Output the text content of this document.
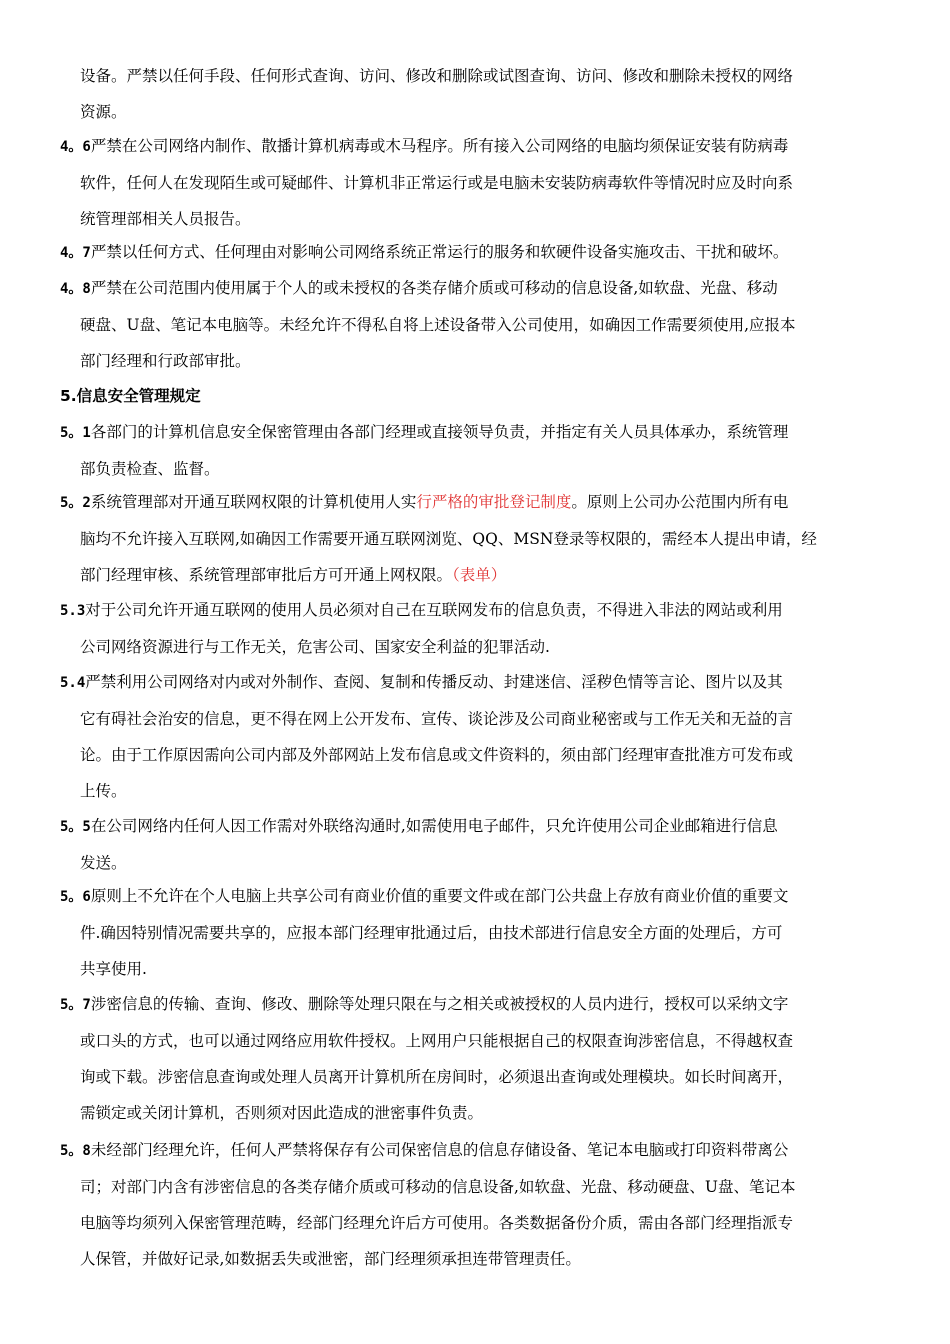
设备。严禁以任何手段、任何形式查询、访问、修改和删除或试图查询、访问、修改和删除未授权的网络
资源。
4。6严禁在公司网络内制作、散播计算机病毒或木马程序。所有接入公司网络的电脑均须保证安装有防病毒
软件，任何人在发现陌生或可疑邮件、计算机非正常运行或是电脑未安装防病毒软件等情况时应及时向系
统管理部相关人员报告。
4。7严禁以任何方式、任何理由对影响公司网络系统正常运行的服务和软硬件设备实施攻击、干扰和破坏。
4。8严禁在公司范围内使用属于个人的或未授权的各类存储介质或可移动的信息设备,如软盘、光盘、移动
硬盘、U盘、笔记本电脑等。未经允许不得私自将上述设备带入公司使用，如确因工作需要须使用,应报本
部门经理和行政部审批。
5.信息安全管理规定
5。1各部门的计算机信息安全保密管理由各部门经理或直接领导负责，并指定有关人员具体承办，系统管理
部负责检查、监督。
5。2系统管理部对开通互联网权限的计算机使用人实行严格的审批登记制度。原则上公司办公范围内所有电
脑均不允许接入互联网,如确因工作需要开通互联网浏览、QQ、MSN登录等权限的，需经本人提出申请，经
部门经理审核、系统管理部审批后方可开通上网权限。（表单）
5.3对于公司允许开通互联网的使用人员必须对自己在互联网发布的信息负责，不得进入非法的网站或利用
公司网络资源进行与工作无关，危害公司、国家安全利益的犯罪活动.
5.4严禁利用公司网络对内或对外制作、查阅、复制和传播反动、封建迷信、淫秽色情等言论、图片以及其
它有碍社会治安的信息，更不得在网上公开发布、宣传、谈论涉及公司商业秘密或与工作无关和无益的言
论。由于工作原因需向公司内部及外部网站上发布信息或文件资料的，须由部门经理审查批准方可发布或
上传。
5。5在公司网络内任何人因工作需对外联络沟通时,如需使用电子邮件，只允许使用公司企业邮箱进行信息
发送。
5。6原则上不允许在个人电脑上共享公司有商业价值的重要文件或在部门公共盘上存放有商业价值的重要文
件.确因特别情况需要共享的，应报本部门经理审批通过后，由技术部进行信息安全方面的处理后，方可
共享使用.
5。7涉密信息的传输、查询、修改、删除等处理只限在与之相关或被授权的人员内进行，授权可以采纳文字
或口头的方式，也可以通过网络应用软件授权。上网用户只能根据自己的权限查询涉密信息，不得越权查
询或下载。涉密信息查询或处理人员离开计算机所在房间时，必须退出查询或处理模块。如长时间离开，
需锁定或关闭计算机，否则须对因此造成的泄密事件负责。
5。8未经部门经理允许，任何人严禁将保存有公司保密信息的信息存储设备、笔记本电脑或打印资料带离公
司；对部门内含有涉密信息的各类存储介质或可移动的信息设备,如软盘、光盘、移动硬盘、U盘、笔记本
电脑等均须列入保密管理范畴，经部门经理允许后方可使用。各类数据备份介质，需由各部门经理指派专
人保管，并做好记录,如数据丢失或泄密，部门经理须承担连带管理责任。
